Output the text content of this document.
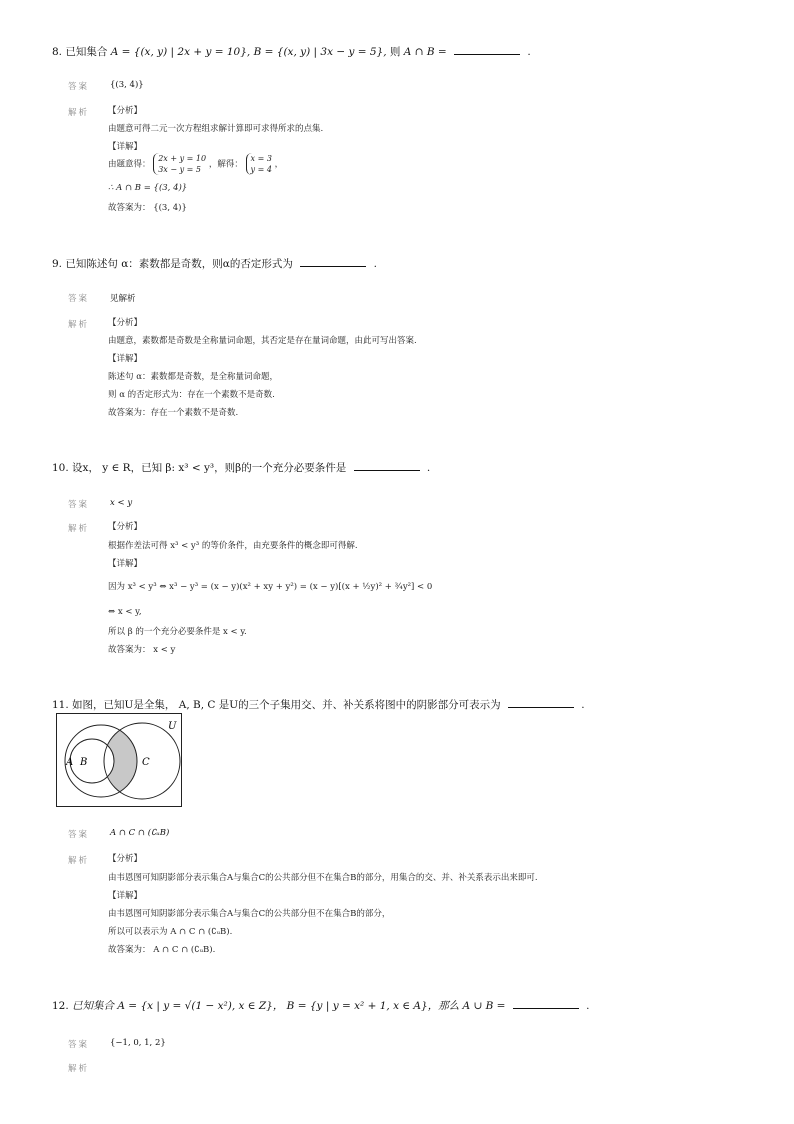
8. 已知集合 A = {(x, y) | 2x + y = 10}, B = {(x, y) | 3x − y = 5}, 则 A ∩ B =	.
答案 {(3, 4)}
解析 【分析】
由题意可得二元一次方程组求解计算即可求得所求的点集.
【详解】
由题意得： 2x + y = 10
3x − y = 5 ，解得： x = 3
y = 4 ，
∴ A ∩ B = {(3, 4)}
故答案为： {(3, 4)}
9. 已知陈述句 α：素数都是奇数，则α的否定形式为	.
答案 见解析
解析 【分析】
由题意，素数都是奇数是全称量词命题，其否定是存在量词命题，由此可写出答案.
【详解】
陈述句 α：素数都是奇数，是全称量词命题，
则 α 的否定形式为：存在一个素数不是奇数.
故答案为：存在一个素数不是奇数.
10. 设x， y ∈ R，已知 β: x³ < y³，则β的一个充分必要条件是	.
答案 x < y
解析 【分析】
根据作差法可得 x³ < y³ 的等价条件，由充要条件的概念即可得解.
【详解】
因为 x³ < y³ ⇔ x³ − y³ = (x − y)(x² + xy + y²) = (x − y)[(x + ½y)² + ¾y²] < 0
⇔ x < y,
所以 β 的一个充分必要条件是 x < y.
故答案为： x < y
11. 如图，已知U是全集， A, B, C 是U的三个子集用交、并、补关系将图中的阴影部分可表示为	.
U
A B	C
答案 A ∩ C ∩ (∁ᵤB)
解析 【分析】
由韦恩图可知阴影部分表示集合A与集合C的公共部分但不在集合B的部分，用集合的交、并、补关系表示出来即可.
【详解】
由韦恩图可知阴影部分表示集合A与集合C的公共部分但不在集合B的部分，
所以可以表示为 A ∩ C ∩ (∁ᵤB).
故答案为： A ∩ C ∩ (∁ᵤB).
12. 已知集合 A = {x | y = √(1 − x²), x ∈ Z}， B = {y | y = x² + 1, x ∈ A}，那么 A ∪ B =	.
答案 {−1, 0, 1, 2}
解析
